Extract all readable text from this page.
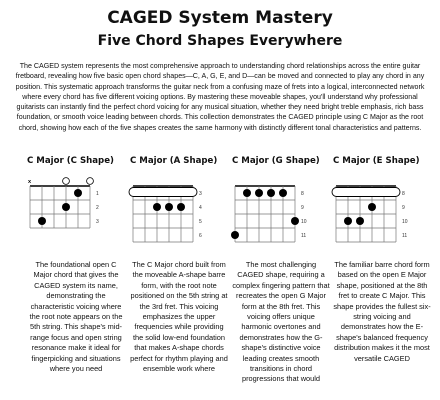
CAGED System Mastery
Five Chord Shapes Everywhere
The CAGED system represents the most comprehensive approach to understanding chord relationships across the entire guitar fretboard, revealing how five basic open chord shapes—C, A, G, E, and D—can be moved and connected to play any chord in any position. This systematic approach transforms the guitar neck from a confusing maze of frets into a logical, interconnected network where every chord has five different voicing options. By mastering these moveable shapes, you'll understand why professional guitarists can instantly find the perfect chord voicing for any musical situation, whether they need bright treble emphasis, rich bass foundation, or smooth voice leading between chords. This collection demonstrates the CAGED principle using C Major as the root chord, showing how each of the five shapes creates the same harmony with distinctly different tonal characteristics and patterns.
C Major (C Shape)
1
2
3
x
The foundational open C Major chord that gives the CAGED system its name, demonstrating the characteristic voicing where the root note appears on the 5th string. This shape's mid-range focus and open string resonance make it ideal for fingerpicking and situations where you need
C Major (A Shape)
3
4
5
6
The C Major chord built from the moveable A-shape barre form, with the root note positioned on the 5th string at the 3rd fret. This voicing emphasizes the upper frequencies while providing the solid low-end foundation that makes A-shape chords perfect for rhythm playing and ensemble work where
C Major (G Shape)
8
9
10
11
The most challenging CAGED shape, requiring a complex fingering pattern that recreates the open G Major form at the 8th fret. This voicing offers unique harmonic overtones and demonstrates how the G-shape's distinctive voice leading creates smooth transitions in chord progressions that would
C Major (E Shape)
8
9
10
11
The familiar barre chord form based on the open E Major shape, positioned at the 8th fret to create C Major. This shape provides the fullest six-string voicing and demonstrates how the E-shape's balanced frequency distribution makes it the most versatile CAGED
